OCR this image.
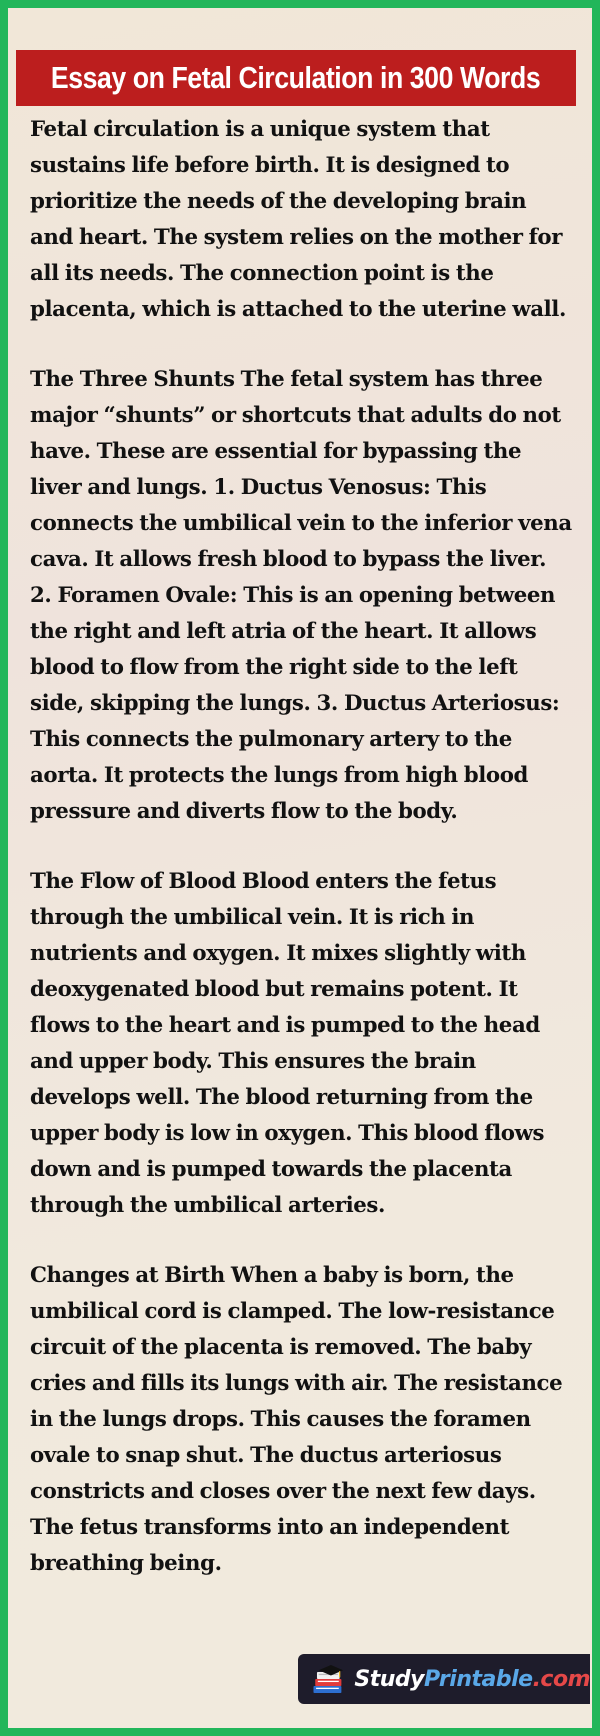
Essay on Fetal Circulation in 300 Words

Fetal circulation is a unique system that sustains life before birth. It is designed to prioritize the needs of the developing brain and heart. The system relies on the mother for all its needs. The connection point is the placenta, which is attached to the uterine wall.

The Three Shunts The fetal system has three major “shunts” or shortcuts that adults do not have. These are essential for bypassing the liver and lungs. 1. Ductus Venosus: This connects the umbilical vein to the inferior vena cava. It allows fresh blood to bypass the liver. 2. Foramen Ovale: This is an opening between the right and left atria of the heart. It allows blood to flow from the right side to the left side, skipping the lungs. 3. Ductus Arteriosus: This connects the pulmonary artery to the aorta. It protects the lungs from high blood pressure and diverts flow to the body.

The Flow of Blood Blood enters the fetus through the umbilical vein. It is rich in nutrients and oxygen. It mixes slightly with deoxygenated blood but remains potent. It flows to the heart and is pumped to the head and upper body. This ensures the brain develops well. The blood returning from the upper body is low in oxygen. This blood flows down and is pumped towards the placenta through the umbilical arteries.

Changes at Birth When a baby is born, the umbilical cord is clamped. The low-resistance circuit of the placenta is removed. The baby cries and fills its lungs with air. The resistance in the lungs drops. This causes the foramen ovale to snap shut. The ductus arteriosus constricts and closes over the next few days. The fetus transforms into an independent breathing being.

StudyPrintable.com
